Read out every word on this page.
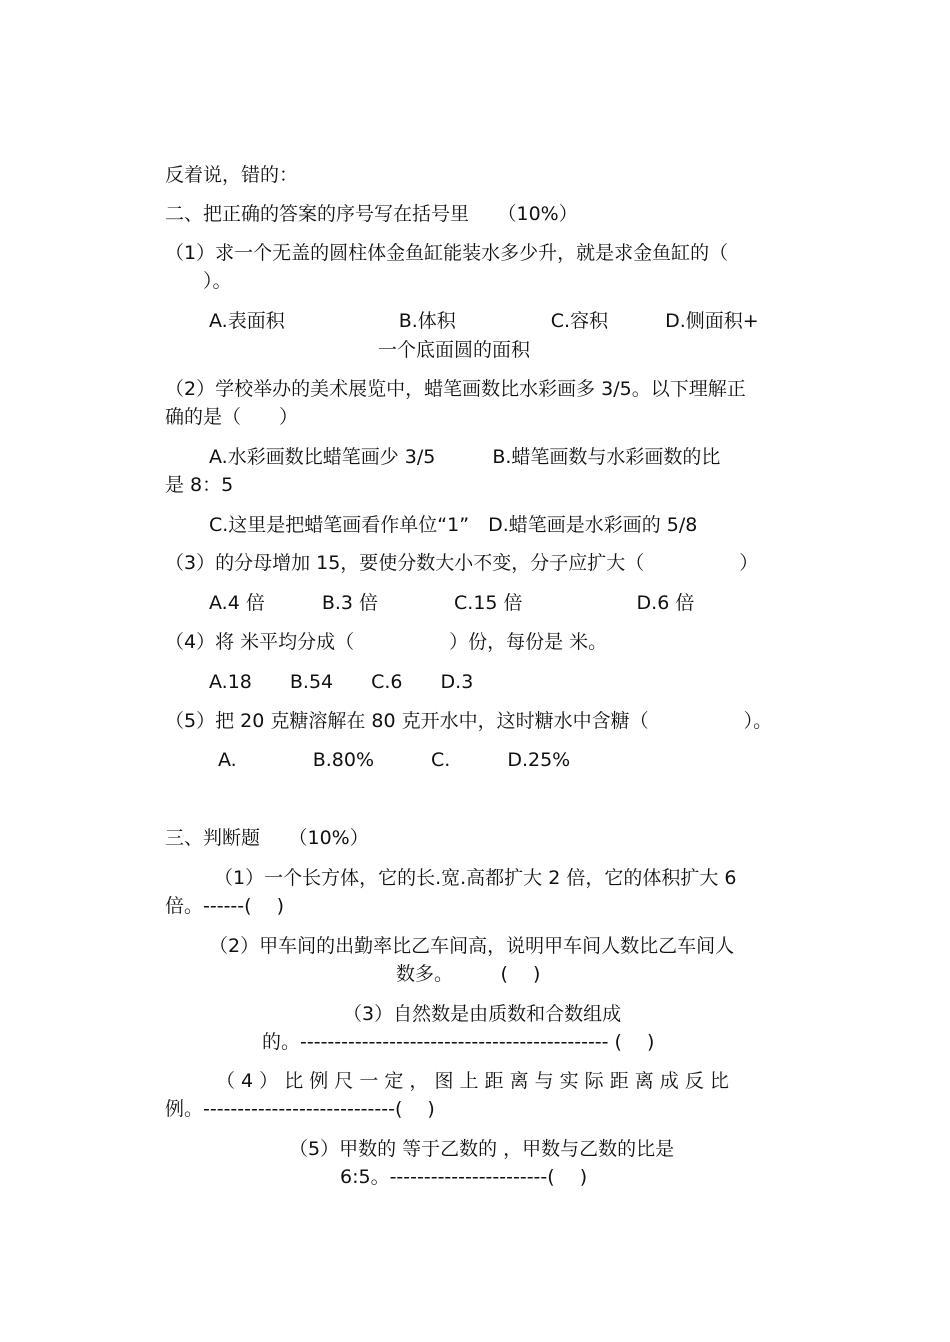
反着说，错的：
二、把正确的答案的序号写在括号里　　（10%）
（1）求一个无盖的圆柱体金鱼缸能装水多少升，就是求金鱼缸的（
　　）。
A.表面积　　　　　　B.体积　　　　　C.容积　　　D.侧面积+
一个底面圆的面积
（2）学校举办的美术展览中，蜡笔画数比水彩画多 3/5。以下理解正
确的是（　　）
A.水彩画数比蜡笔画少 3/5　　　B.蜡笔画数与水彩画数的比
是 8：5
C.这里是把蜡笔画看作单位“1”　D.蜡笔画是水彩画的 5/8
（3）的分母增加 15，要使分数大小不变，分子应扩大（　　　　　）
A.4 倍　　　B.3 倍　　　　C.15 倍　　　　　　D.6 倍
（4）将 米平均分成（　　　　　）份，每份是 米。
A.18　　B.54　　C.6　　D.3
（5）把 20 克糖溶解在 80 克开水中，这时糖水中含糖（　　　　　）。
A.　　　　B.80%　　　C.　　　D.25%
三、判断题　　（10%）
（1）一个长方体，它的长.宽.高都扩大 2 倍，它的体积扩大 6
倍。------(　 )
（2）甲车间的出勤率比乙车间高，说明甲车间人数比乙车间人
数多。　　　(　 )
（3）自然数是由质数和合数组成
的。--------------------------------------------- (　 )
（ 4 ） 比 例 尺 一 定 ， 图 上 距 离 与 实 际 距 离 成 反 比
例。----------------------------(　 )
（5）甲数的 等于乙数的 ，甲数与乙数的比是
6:5。-----------------------(　 )
